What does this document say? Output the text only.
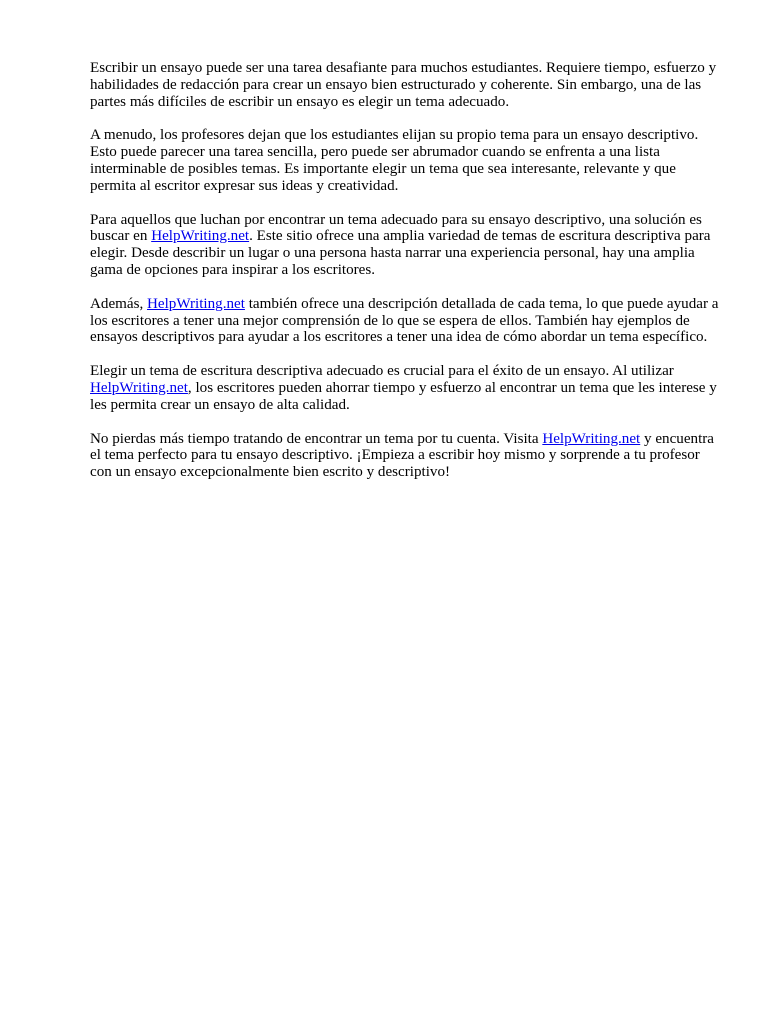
Escribir un ensayo puede ser una tarea desafiante para muchos estudiantes. Requiere tiempo, esfuerzo y habilidades de redacción para crear un ensayo bien estructurado y coherente. Sin embargo, una de las partes más difíciles de escribir un ensayo es elegir un tema adecuado.

A menudo, los profesores dejan que los estudiantes elijan su propio tema para un ensayo descriptivo. Esto puede parecer una tarea sencilla, pero puede ser abrumador cuando se enfrenta a una lista interminable de posibles temas. Es importante elegir un tema que sea interesante, relevante y que permita al escritor expresar sus ideas y creatividad.

Para aquellos que luchan por encontrar un tema adecuado para su ensayo descriptivo, una solución es buscar en HelpWriting.net. Este sitio ofrece una amplia variedad de temas de escritura descriptiva para elegir. Desde describir un lugar o una persona hasta narrar una experiencia personal, hay una amplia gama de opciones para inspirar a los escritores.

Además, HelpWriting.net también ofrece una descripción detallada de cada tema, lo que puede ayudar a los escritores a tener una mejor comprensión de lo que se espera de ellos. También hay ejemplos de ensayos descriptivos para ayudar a los escritores a tener una idea de cómo abordar un tema específico.

Elegir un tema de escritura descriptiva adecuado es crucial para el éxito de un ensayo. Al utilizar HelpWriting.net, los escritores pueden ahorrar tiempo y esfuerzo al encontrar un tema que les interese y les permita crear un ensayo de alta calidad.

No pierdas más tiempo tratando de encontrar un tema por tu cuenta. Visita HelpWriting.net y encuentra el tema perfecto para tu ensayo descriptivo. ¡Empieza a escribir hoy mismo y sorprende a tu profesor con un ensayo excepcionalmente bien escrito y descriptivo!
